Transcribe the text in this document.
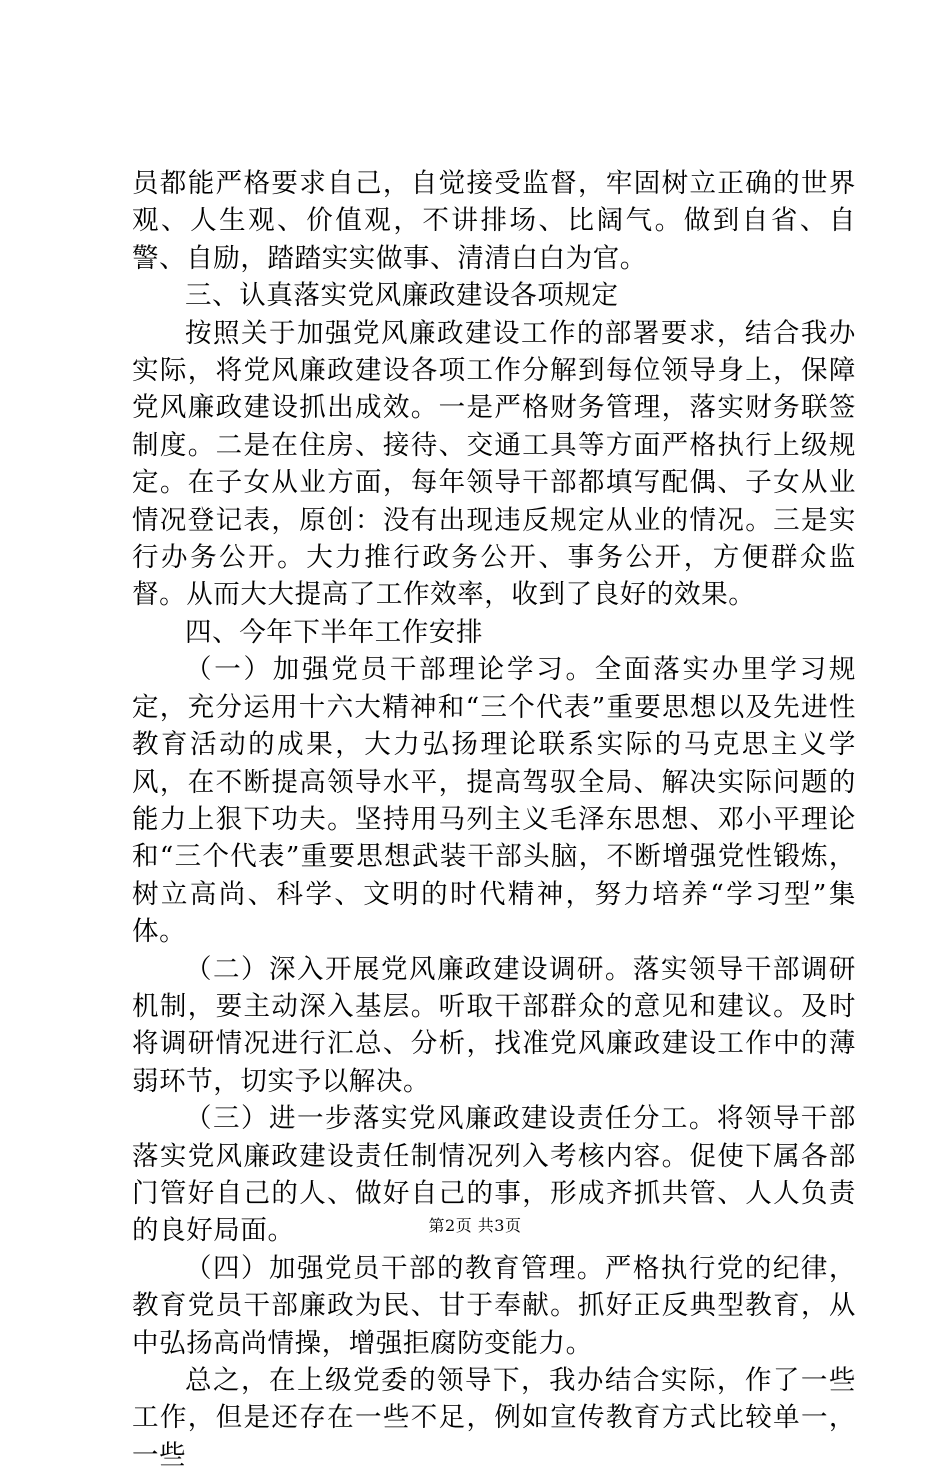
员都能严格要求自己，自觉接受监督，牢固树立正确的世界观、人生观、价值观，不讲排场、比阔气。做到自省、自警、自励，踏踏实实做事、清清白白为官。

三、认真落实党风廉政建设各项规定

按照关于加强党风廉政建设工作的部署要求，结合我办实际，将党风廉政建设各项工作分解到每位领导身上，保障党风廉政建设抓出成效。一是严格财务管理，落实财务联签制度。二是在住房、接待、交通工具等方面严格执行上级规定。在子女从业方面，每年领导干部都填写配偶、子女从业情况登记表，原创：没有出现违反规定从业的情况。三是实行办务公开。大力推行政务公开、事务公开，方便群众监督。从而大大提高了工作效率，收到了良好的效果。

四、今年下半年工作安排

（一）加强党员干部理论学习。全面落实办里学习规定，充分运用十六大精神和“三个代表”重要思想以及先进性教育活动的成果，大力弘扬理论联系实际的马克思主义学风，在不断提高领导水平，提高驾驭全局、解决实际问题的能力上狠下功夫。坚持用马列主义毛泽东思想、邓小平理论和“三个代表”重要思想武装干部头脑，不断增强党性锻炼，树立高尚、科学、文明的时代精神，努力培养“学习型”集体。

（二）深入开展党风廉政建设调研。落实领导干部调研机制，要主动深入基层。听取干部群众的意见和建议。及时将调研情况进行汇总、分析，找准党风廉政建设工作中的薄弱环节，切实予以解决。

（三）进一步落实党风廉政建设责任分工。将领导干部落实党风廉政建设责任制情况列入考核内容。促使下属各部门管好自己的人、做好自己的事，形成齐抓共管、人人负责的良好局面。

（四）加强党员干部的教育管理。严格执行党的纪律，教育党员干部廉政为民、甘于奉献。抓好正反典型教育，从中弘扬高尚情操，增强拒腐防变能力。

总之，在上级党委的领导下，我办结合实际，作了一些工作，但是还存在一些不足，例如宣传教育方式比较单一，一些

第2页 共3页
